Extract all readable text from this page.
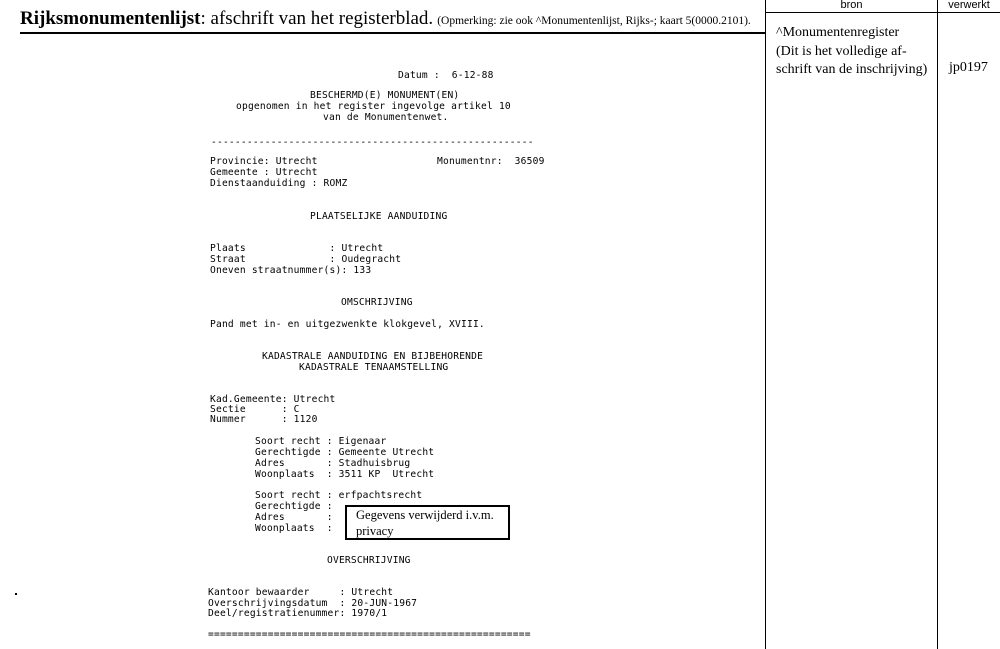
Rijksmonumentenlijst: afschrift van het registerblad. (Opmerking: zie ook ^Monumentenlijst, Rijks-; kaart 5(0000.2101).
bron	verwerkt
^Monumentenregister
(Dit is het volledige af-
schrift van de inschrijving)	jp0197
Datum :  6-12-88
BESCHERMD(E) MONUMENT(EN)
opgenomen in het register ingevolge artikel 10
van de Monumentenwet.
------------------------------------------------------
Provincie: Utrecht	Monumentnr:  36509
Gemeente : Utrecht
Dienstaanduiding : ROMZ
PLAATSELIJKE AANDUIDING
Plaats              : Utrecht
Straat              : Oudegracht
Oneven straatnummer(s): 133
OMSCHRIJVING
Pand met in- en uitgezwenkte klokgevel, XVIII.
KADASTRALE AANDUIDING EN BIJBEHORENDE
KADASTRALE TENAAMSTELLING
Kad.Gemeente: Utrecht
Sectie      : C
Nummer      : 1120
Soort recht : Eigenaar
Gerechtigde : Gemeente Utrecht
Adres       : Stadhuisbrug
Woonplaats  : 3511 KP  Utrecht
Soort recht : erfpachtsrecht
Gerechtigde :
Adres       :
Woonplaats  :
Gegevens verwijderd i.v.m. privacy
OVERSCHRIJVING
Kantoor bewaarder     : Utrecht
Overschrijvingsdatum  : 20-JUN-1967
Deel/registratienummer: 1970/1
======================================================
